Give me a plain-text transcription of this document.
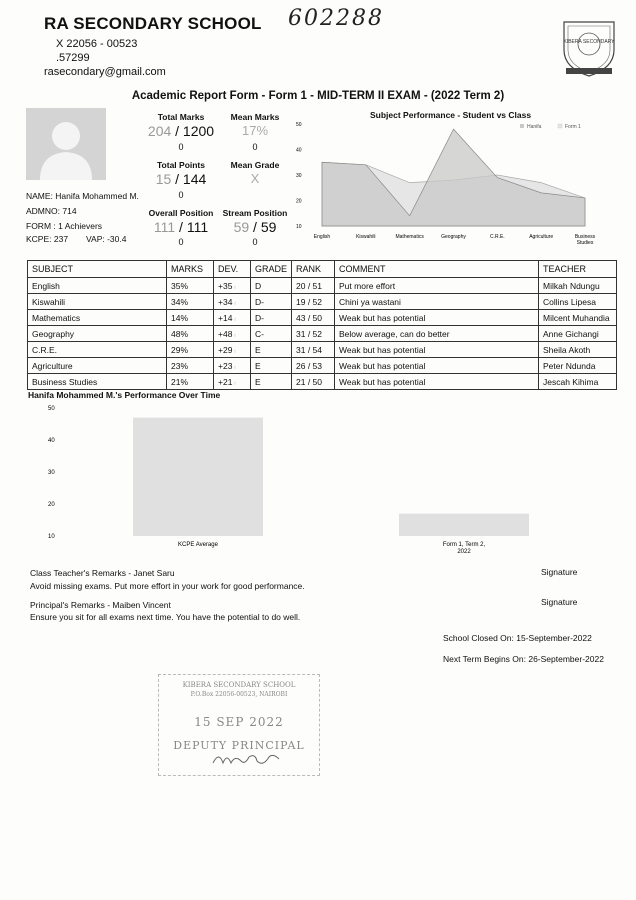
RA SECONDARY SCHOOL
X 22056 - 00523
.57299
rasecondary@gmail.com
602288
KIBERA SECONDARY
Academic Report Form - Form 1 - MID-TERM II EXAM - (2022 Term 2)
NAME: Hanifa Mohammed M.
ADMNO: 714
FORM : 1 Achievers
KCPE: 237 VAP: -30.4
Total Marks
204 / 1200
0
Mean Marks
17%
0
Total Points
15 / 144
0
Mean Grade
X
Overall Position
111 / 111
0
Stream Position
59 / 59
0
Subject Performance - Student vs Class
10
20
30
40
50
English	Kiswahili	Mathematics	Geography	C.R.E.	Agriculture	Business Studies
Hanifa	Form 1
SUBJECT	MARKS	DEV.	GRADE	RANK	COMMENT	TEACHER
English	35%	+35 ↑	D	20 / 51	Put more effort	Milkah Ndungu
Kiswahili	34%	+34 ↑	D-	19 / 52	Chini ya wastani	Collins Lipesa
Mathematics	14%	+14 ↑	D-	43 / 50	Weak but has potential	Milcent Muhandia
Geography	48%	+48 ↑	C-	31 / 52	Below average, can do better	Anne Gichangi
C.R.E.	29%	+29 ↑	E	31 / 54	Weak but has potential	Sheila Akoth
Agriculture	23%	+23 ↑	E	26 / 53	Weak but has potential	Peter Ndunda
Business Studies	21%	+21 ↑	E	21 / 50	Weak but has potential	Jescah Kihima
Hanifa Mohammed M.'s Performance Over Time
10
20
30
40
50
KCPE Average	Form 1, Term 2, 2022
Class Teacher's Remarks - Janet Saru
Avoid missing exams. Put more effort in your work for good performance.
Signature
Principal's Remarks - Maiben Vincent
Ensure you sit for all exams next time. You have the potential to do well.
Signature
School Closed On: 15-September-2022
Next Term Begins On: 26-September-2022
KIBERA SECONDARY SCHOOL
P.O.Box 22056-00523, NAIROBI
15 SEP 2022
DEPUTY PRINCIPAL
